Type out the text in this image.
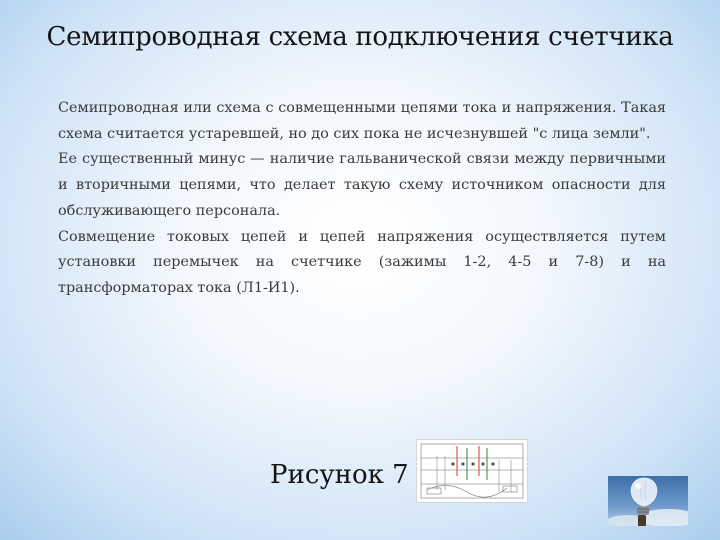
Семипроводная схема подключения счетчика

Семипроводная или схема с совмещенными цепями тока и напряжения. Такая схема считается устаревшей, но до сих пока не исчезнувшей "с лица земли".

Ее существенный минус — наличие гальванической связи между первичными и вторичными цепями, что делает такую схему источником опасности для обслуживающего персонала.

Совмещение токовых цепей и цепей напряжения осуществляется путем установки перемычек на счетчике (зажимы 1-2, 4-5 и 7-8) и на трансформаторах тока (Л1-И1).

Рисунок 7
